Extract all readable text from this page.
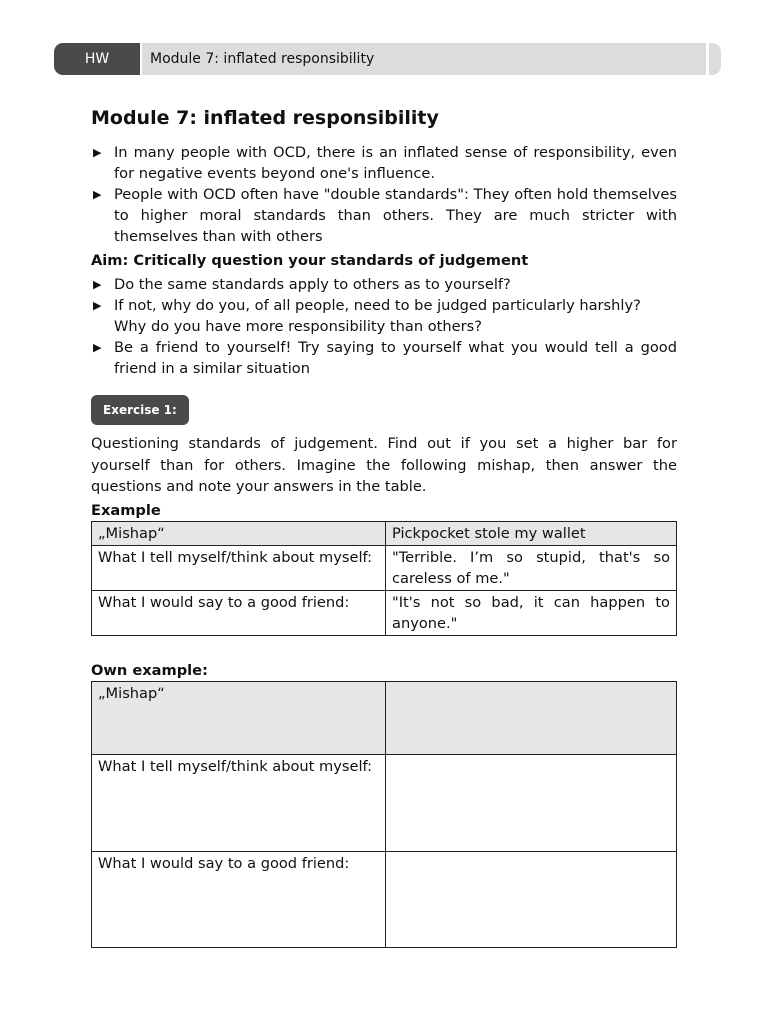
HW	Module 7: inflated responsibility
Module 7: inflated responsibility
▶ In many people with OCD, there is an inflated sense of responsibility, even for negative events beyond one's influence.
▶ People with OCD often have "double standards": They often hold themselves to higher moral standards than others. They are much stricter with themselves than with others
Aim: Critically question your standards of judgement
▶ Do the same standards apply to others as to yourself?
▶ If not, why do you, of all people, need to be judged particularly harshly? Why do you have more responsibility than others?
▶ Be a friend to yourself! Try saying to yourself what you would tell a good friend in a similar situation
Exercise 1:

Questioning standards of judgement. Find out if you set a higher bar for yourself than for others. Imagine the following mishap, then answer the questions and note your answers in the table.

Example
„Mishap“	Pickpocket stole my wallet
What I tell myself/think about myself:	"Terrible. I’m so stupid, that's so careless of me."
What I would say to a good friend:	"It's not so bad, it can happen to anyone."
Own example:
„Mishap“	
What I tell myself/think about myself:	
What I would say to a good friend:	
